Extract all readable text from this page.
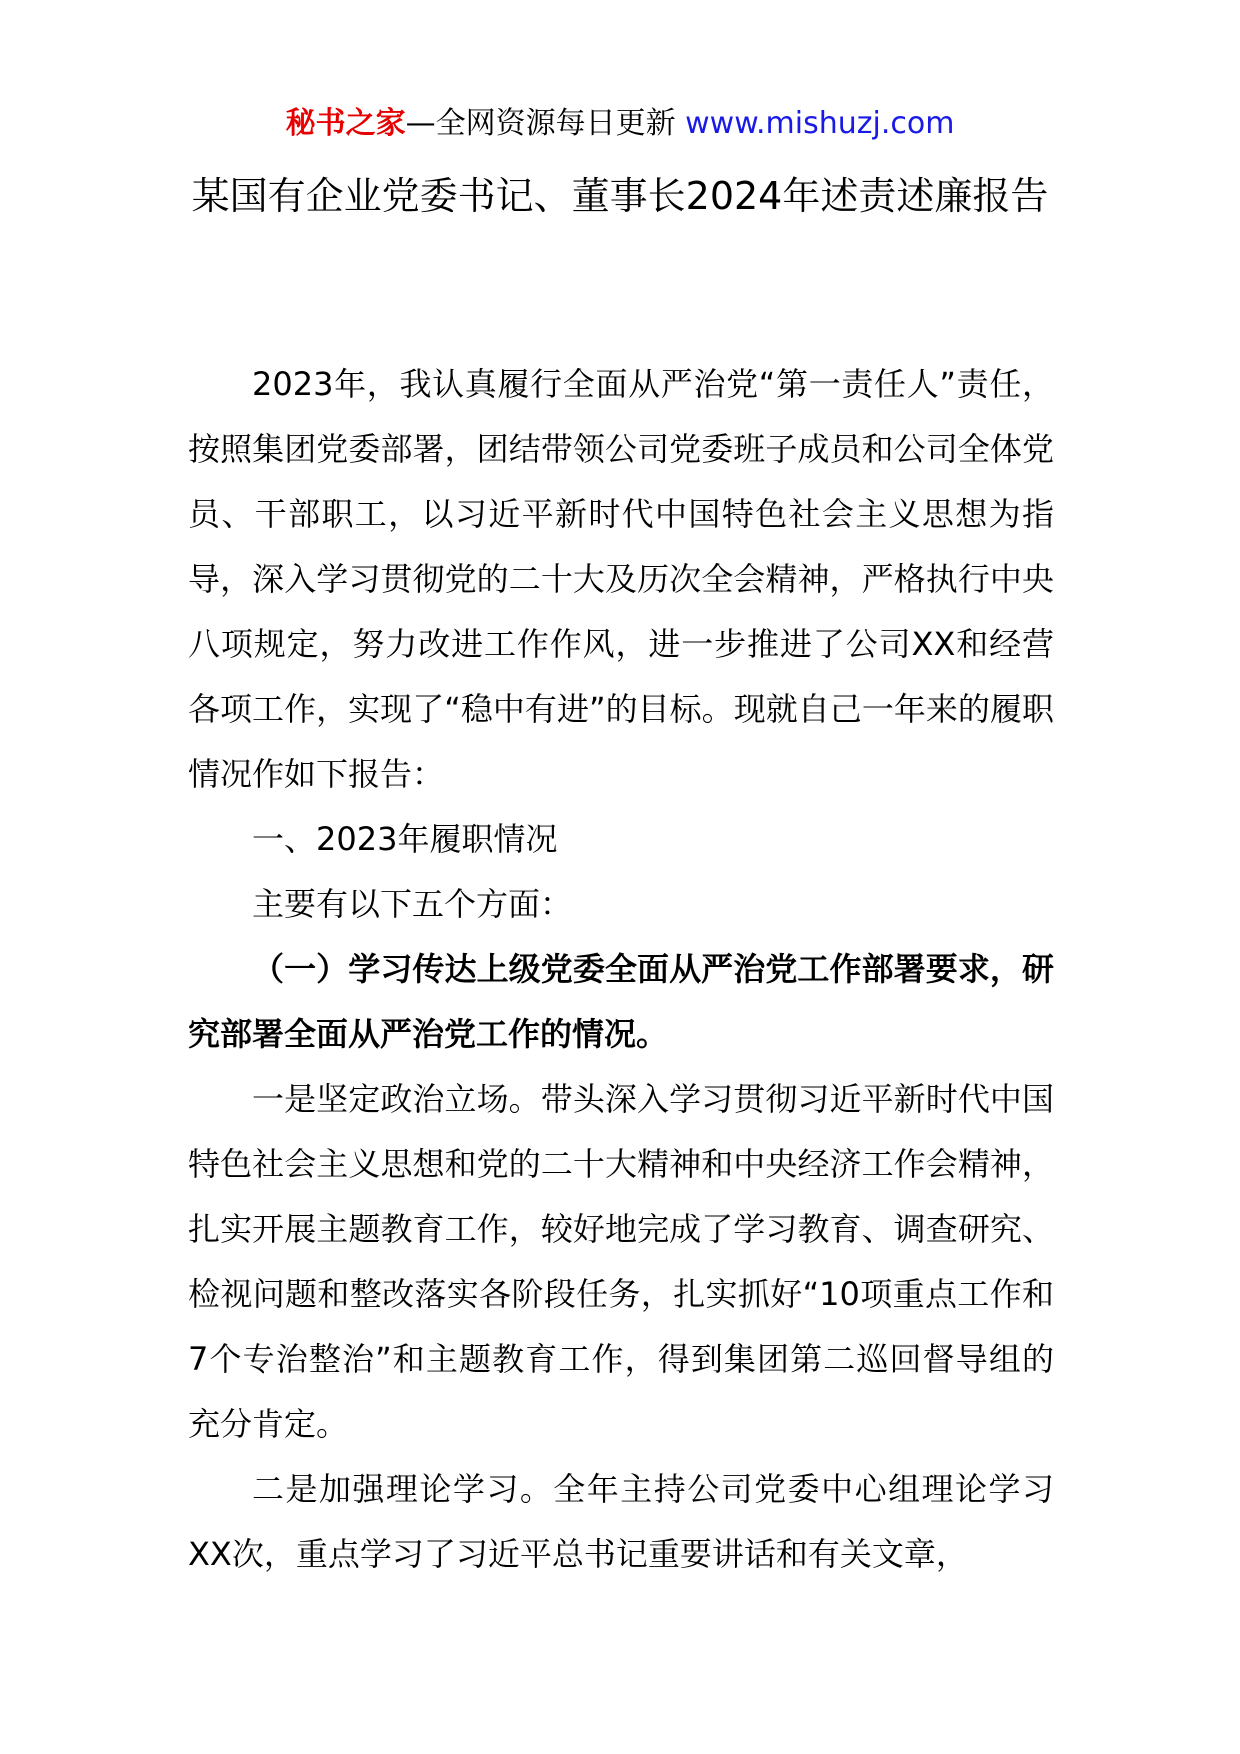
秘书之家—全网资源每日更新 www.mishuzj.com
某国有企业党委书记、董事长2024年述责述廉报告

2023年，我认真履行全面从严治党“第一责任人”责任，按照集团党委部署，团结带领公司党委班子成员和公司全体党员、干部职工，以习近平新时代中国特色社会主义思想为指导，深入学习贯彻党的二十大及历次全会精神，严格执行中央八项规定，努力改进工作作风，进一步推进了公司XX和经营各项工作，实现了“稳中有进”的目标。现就自己一年来的履职情况作如下报告：

一、2023年履职情况

主要有以下五个方面：

（一）学习传达上级党委全面从严治党工作部署要求，研究部署全面从严治党工作的情况。

一是坚定政治立场。带头深入学习贯彻习近平新时代中国特色社会主义思想和党的二十大精神和中央经济工作会精神，扎实开展主题教育工作，较好地完成了学习教育、调查研究、检视问题和整改落实各阶段任务，扎实抓好“10项重点工作和7个专治整治”和主题教育工作，得到集团第二巡回督导组的充分肯定。

二是加强理论学习。全年主持公司党委中心组理论学习XX次，重点学习了习近平总书记重要讲话和有关文章，
